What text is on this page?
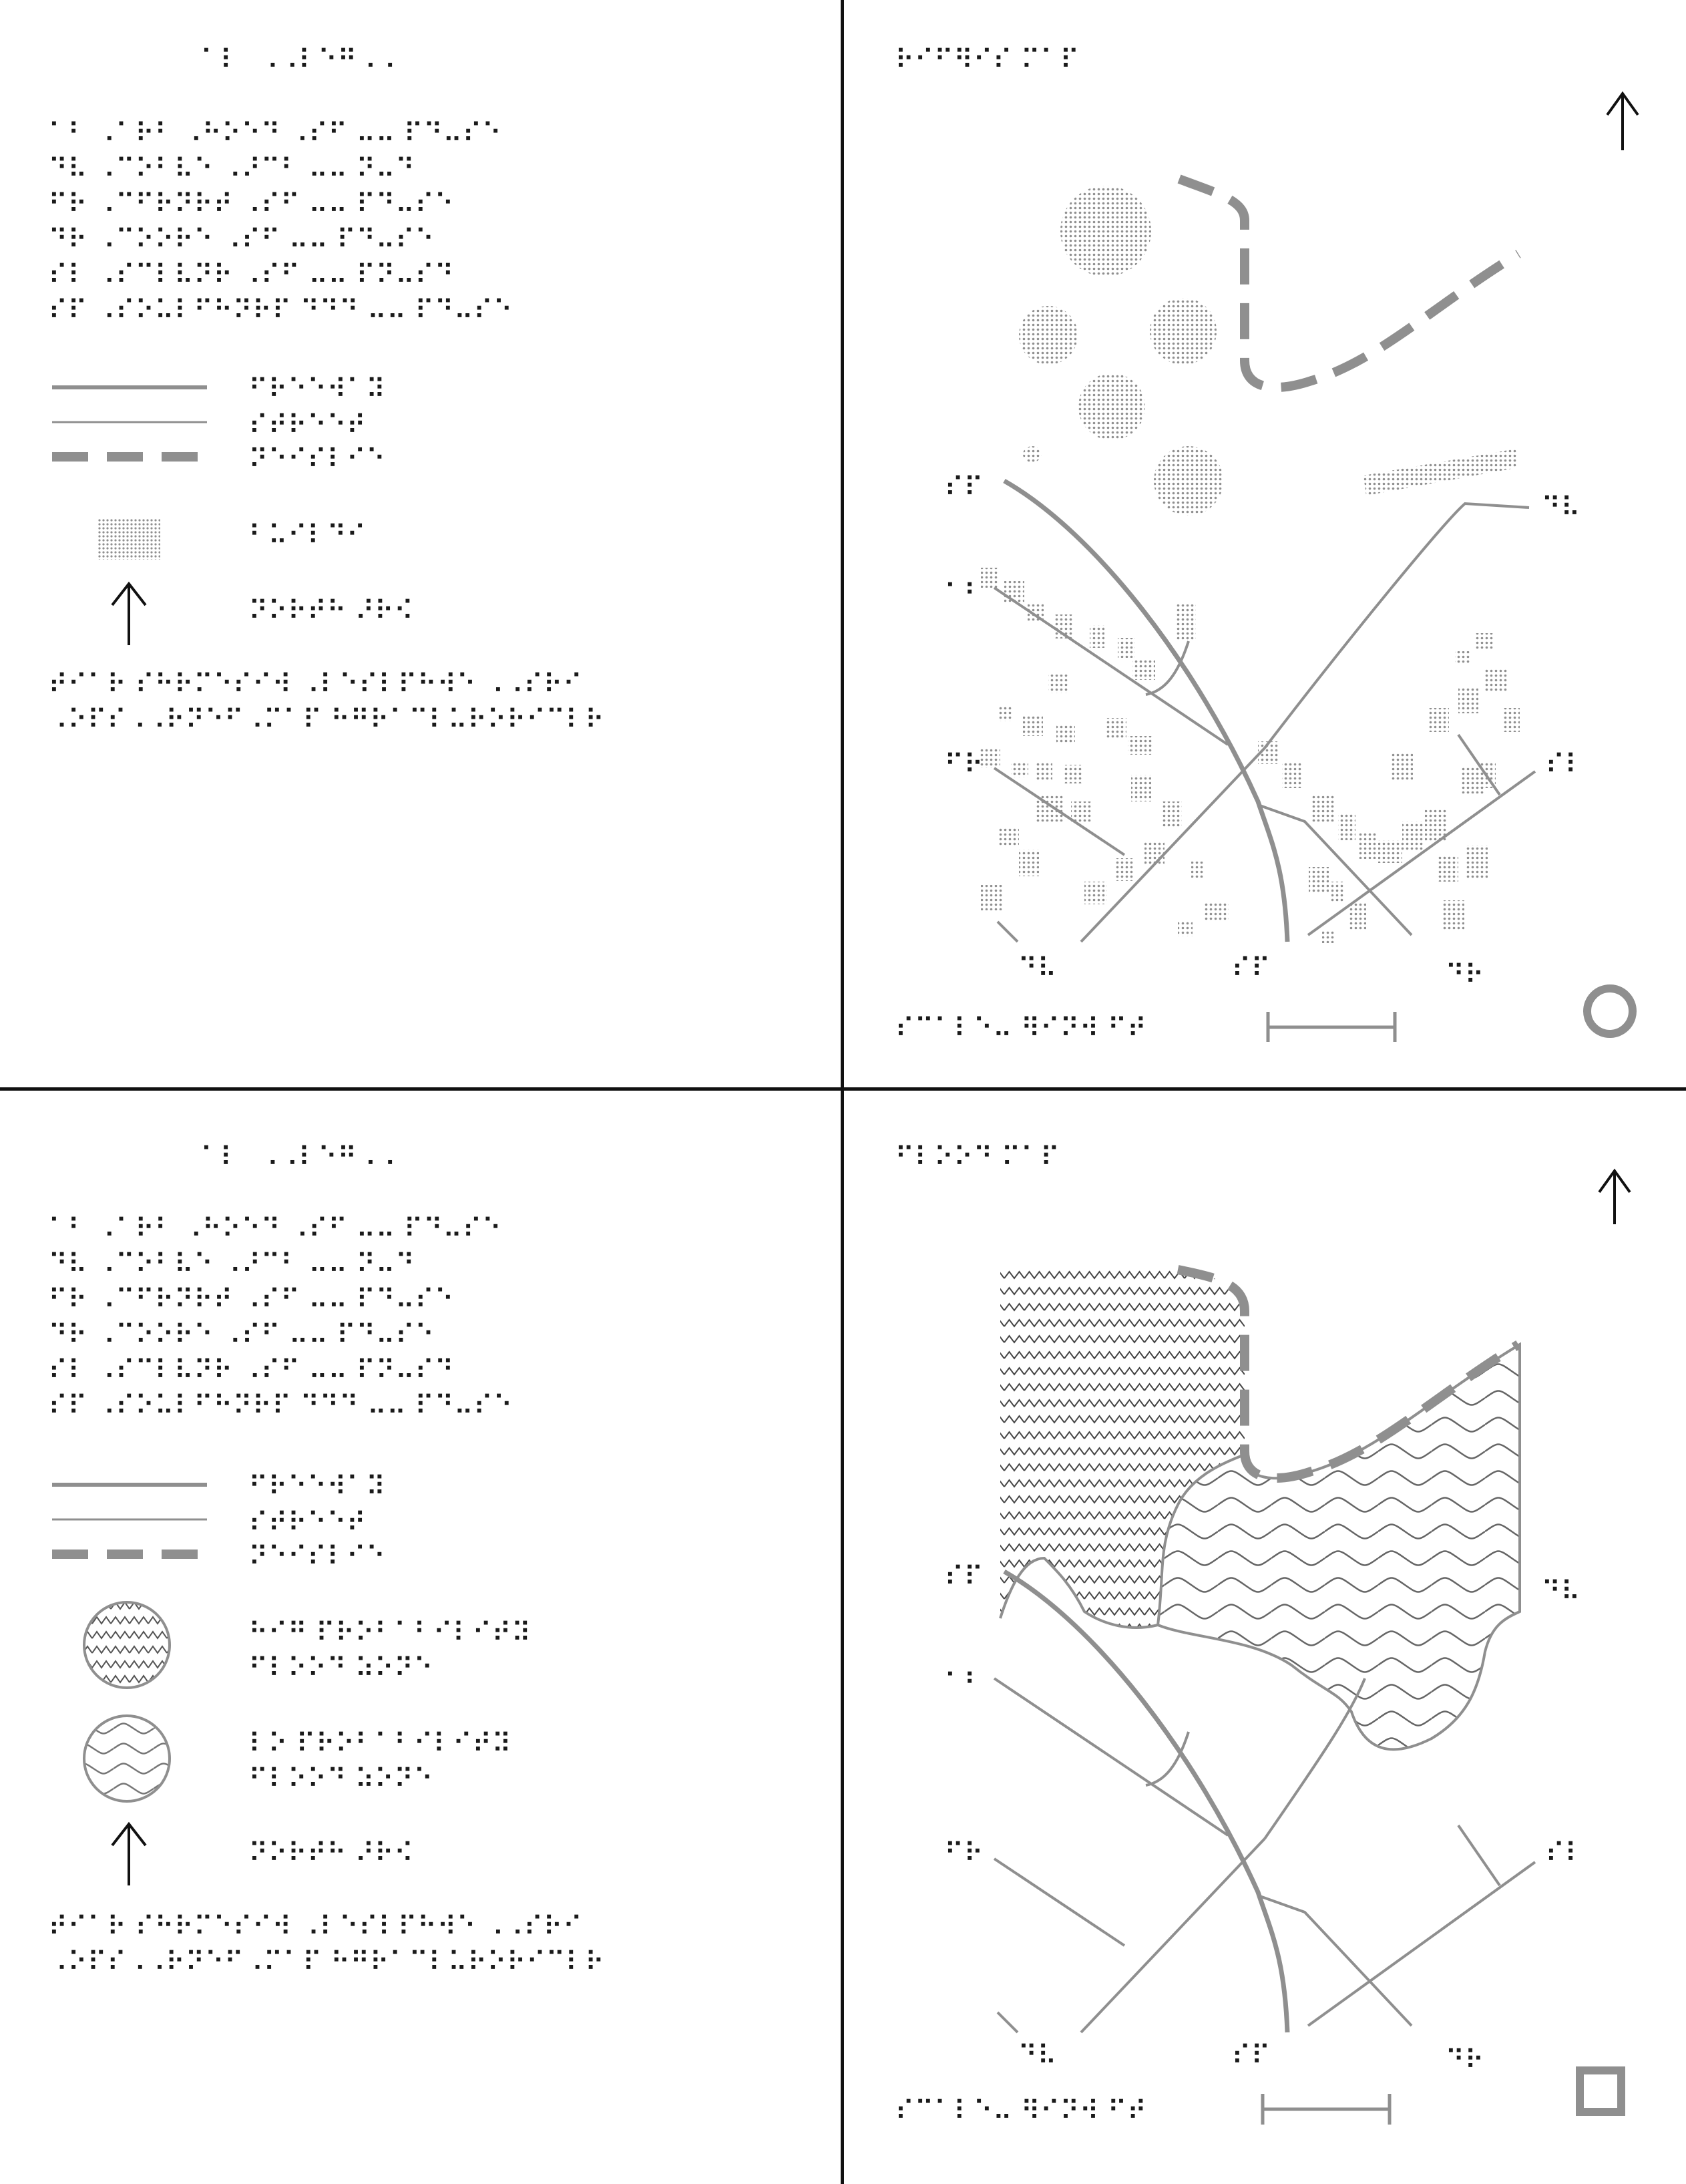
⠁⠇⠀⠠⠠⠇⠑⠛⠠⠠
⠁⠃ ⠠⠁⠗⠃ ⠠⠓⠕⠑⠙ ⠠⠎⠋ ⠤⠤ ⠏⠙⠤⠎⠑
⠙⠧ ⠠⠉⠕⠃⠧⠑ ⠠⠜⠉⠃ ⠤⠤ ⠝⠤⠙
⠋⠗ ⠠⠉⠋⠗⠝⠗⠞ ⠠⠎⠋ ⠤⠤ ⠏⠙⠤⠎⠑
⠙⠗ ⠠⠉⠕⠕⠗⠑ ⠠⠎⠋ ⠤⠤ ⠏⠙⠤⠎⠑
⠎⠇ ⠠⠎⠉⠇⠧⠝⠗ ⠠⠎⠋ ⠤⠤ ⠏⠝⠤⠎⠙
⠎⠏ ⠠⠎⠕⠥⠇⠋⠓⠝⠗⠏ ⠙⠙⠙ ⠤⠤ ⠏⠙⠤⠎⠑
⠋⠗⠑⠑⠺⠁⠽
⠎⠞⠗⠑⠑⠞
⠝⠑⠊⠎⠇⠊⠑
⠃⠥⠊⠇⠙⠊
⠝⠕⠗⠞⠓ ⠜⠗⠪
⠞⠊⠁⠗ ⠎⠓⠗⠍⠑⠎⠊⠺ ⠠⠇⠑⠎⠇⠏⠓⠺⠑ ⠠⠠⠎⠗⠊
⠠⠕⠏⠎⠠⠠⠗⠝⠑⠋⠠⠍⠁⠏ ⠓⠛⠗⠁⠉⠇⠥⠗⠕⠗⠊⠉⠇⠗
⠗⠊⠋⠻⠊⠎ ⠍⠁⠏
⠎⠏
⠁⠃
⠋⠗
⠙⠧	⠎⠏	⠙⠗
⠎⠇
⠙⠧
⠎⠉⠁⠇⠑⠤ ⠻⠊⠝⠺ ⠋⠞
⠁⠇⠀⠠⠠⠇⠑⠛⠠⠠
⠁⠃ ⠠⠁⠗⠃ ⠠⠓⠕⠑⠙ ⠠⠎⠋ ⠤⠤ ⠏⠙⠤⠎⠑
⠙⠧ ⠠⠉⠕⠃⠧⠑ ⠠⠜⠉⠃ ⠤⠤ ⠝⠤⠙
⠋⠗ ⠠⠉⠋⠗⠝⠗⠞ ⠠⠎⠋ ⠤⠤ ⠏⠙⠤⠎⠑
⠙⠗ ⠠⠉⠕⠕⠗⠑ ⠠⠎⠋ ⠤⠤ ⠏⠙⠤⠎⠑
⠎⠇ ⠠⠎⠉⠇⠧⠝⠗ ⠠⠎⠋ ⠤⠤ ⠏⠝⠤⠎⠙
⠎⠏ ⠠⠎⠕⠥⠇⠋⠓⠝⠗⠏ ⠙⠙⠙ ⠤⠤ ⠏⠙⠤⠎⠑
⠋⠗⠑⠑⠺⠁⠽
⠎⠞⠗⠑⠑⠞
⠝⠑⠊⠎⠇⠊⠑
⠓⠊⠛ ⠏⠗⠕⠃⠁⠃⠊⠇⠊⠞⠽
⠋⠇⠕⠕⠙ ⠵⠕⠝⠑
⠇⠕ ⠏⠗⠕⠃⠁⠃⠊⠇⠊⠞⠽
⠋⠇⠕⠕⠙ ⠵⠕⠝⠑
⠝⠕⠗⠞⠓ ⠜⠗⠪
⠞⠊⠁⠗ ⠎⠓⠗⠍⠑⠎⠊⠺ ⠠⠇⠑⠎⠇⠏⠓⠺⠑ ⠠⠠⠎⠗⠊
⠠⠕⠏⠎⠠⠠⠗⠝⠑⠋⠠⠍⠁⠏ ⠓⠛⠗⠁⠉⠇⠥⠗⠕⠗⠊⠉⠇⠗
⠋⠇⠕⠕⠙ ⠍⠁⠏
⠎⠏
⠁⠃
⠋⠗
⠙⠧	⠎⠏	⠙⠗
⠎⠇
⠙⠧
⠎⠉⠁⠇⠑⠤ ⠻⠊⠝⠺ ⠋⠞
